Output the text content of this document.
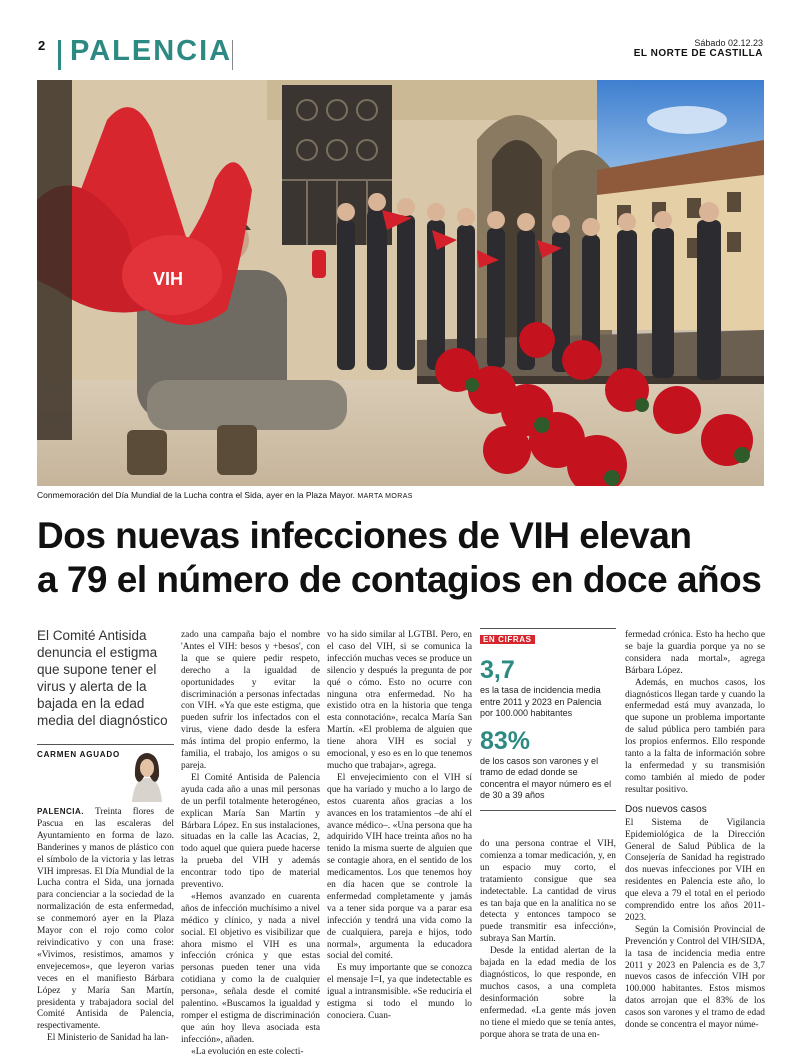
2 PALENCIA	Sábado 02.12.23
EL NORTE DE CASTILLA
VIH
Conmemoración del Día Mundial de la Lucha contra el Sida, ayer en la Plaza Mayor. MARTA MORAS
Dos nuevas infecciones de VIH elevan
a 79 el número de contagios en doce años
El Comité Antisida denuncia el estigma que supone tener el virus y alerta de la bajada en la edad media del diagnóstico
CARMEN AGUADO

PALENCIA. Treinta flores de Pascua en las escaleras del Ayuntamiento en forma de lazo. Banderines y manos de plástico con el símbolo de la victoria y las letras VIH impresas. El Día Mundial de la Lucha contra el Sida, una jornada para concienciar a la sociedad de la normalización de esta enfermedad, se conmemoró ayer en la Plaza Mayor con el rojo como color reivindicativo y con una frase: «Vivimos, resistimos, amamos y envejecemos», que leyeron varias veces en el manifiesto Bárbara López y María San Martín, presidenta y trabajadora social del Comité Antisida de Palencia, respectivamente.

El Ministerio de Sanidad ha lan-

zado una campaña bajo el nombre 'Antes el VIH: besos y +besos', con la que se quiere pedir respeto, derecho a la igualdad de oportunidades y evitar la discriminación a personas infectadas con VIH. «Ya que este estigma, que pueden sufrir los infectados con el virus, viene dado desde la esfera más íntima del propio enfermo, la familia, el trabajo, los amigos o su pareja.

El Comité Antisida de Palencia ayuda cada año a unas mil personas de un perfil totalmente heterogéneo, explican María San Martín y Bárbara López. En sus instalaciones, situadas en la calle las Acacias, 2, todo aquel que quiera puede hacerse la prueba del VIH y además encontrar todo tipo de material preventivo.

«Hemos avanzado en cuarenta años de infección muchísimo a nivel médico y clínico, y nada a nivel social. El objetivo es visibilizar que ahora mismo el VIH es una infección crónica y que estas personas pueden tener una vida cotidiana y como la de cualquier persona», señala desde el comité palentino. «Buscamos la igualdad y romper el estigma de discriminación que aún hoy lleva asociada esta infección», añaden.

«La evolución en este colecti-

vo ha sido similar al LGTBI. Pero, en el caso del VIH, si se comunica la infección muchas veces se produce un silencio y después la pregunta de por qué o cómo. Esto no ocurre con ninguna otra enfermedad. No ha existido otra en la historia que tenga esta connotación», recalca María San Martín. «El problema de alguien que tiene ahora VIH es social y emocional, y eso es en lo que tenemos mucho que trabajar», agrega.

El envejecimiento con el VIH sí que ha variado y mucho a lo largo de estos cuarenta años gracias a los avances en los tratamientos –de ahí el avance médico–. «Una persona que ha adquirido VIH hace treinta años no ha tenido la misma suerte de alguien que se contagie ahora, en el sentido de los medicamentos. Los que tenemos hoy en día hacen que se controle la enfermedad completamente y jamás va a tener sida porque va a parar esa infección y tendrá una vida como la de cualquiera, pareja e hijos, todo normal», argumenta la educadora social del comité.

Es muy importante que se conozca el mensaje I=I, ya que indetectable es igual a intransmisible. «Se reduciría el estigma si todo el mundo lo conociera. Cuan-

EN CIFRAS
3,7
es la tasa de incidencia media entre 2011 y 2023 en Palencia por 100.000 habitantes
83%
de los casos son varones y el tramo de edad donde se concentra el mayor número es el de 30 a 39 años

do una persona contrae el VIH, comienza a tomar medicación, y, en un espacio muy corto, el tratamiento consigue que sea indetectable. La cantidad de virus es tan baja que en la analítica no se detecta y entonces tampoco se puede transmitir esa infección», subraya San Martín.

Desde la entidad alertan de la bajada en la edad media de los diagnósticos, lo que responde, en muchos casos, a una completa desinformación sobre la enfermedad. «La gente más joven no tiene el miedo que se tenía antes, porque ahora se trata de una en-

fermedad crónica. Esto ha hecho que se baje la guardia porque ya no se considera nada mortal», agrega Bárbara López.

Además, en muchos casos, los diagnósticos llegan tarde y cuando la enfermedad está muy avanzada, lo que supone un problema importante de salud pública pero también para los propios enfermos. Ello responde tanto a la falta de información sobre la enfermedad y su transmisión como también al miedo de poder resultar positivo.

Dos nuevos casos

El Sistema de Vigilancia Epidemiológica de la Dirección General de Salud Pública de la Consejería de Sanidad ha registrado dos nuevas infecciones por VIH en residentes en Palencia este año, lo que eleva a 79 el total en el periodo comprendido entre los años 2011-2023.

Según la Comisión Provincial de Prevención y Control del VIH/SIDA, la tasa de incidencia media entre 2011 y 2023 en Palencia es de 3,7 nuevos casos de infección VIH por 100.000 habitantes. Estos mismos datos arrojan que el 83% de los casos son varones y el tramo de edad donde se concentra el mayor núme-
